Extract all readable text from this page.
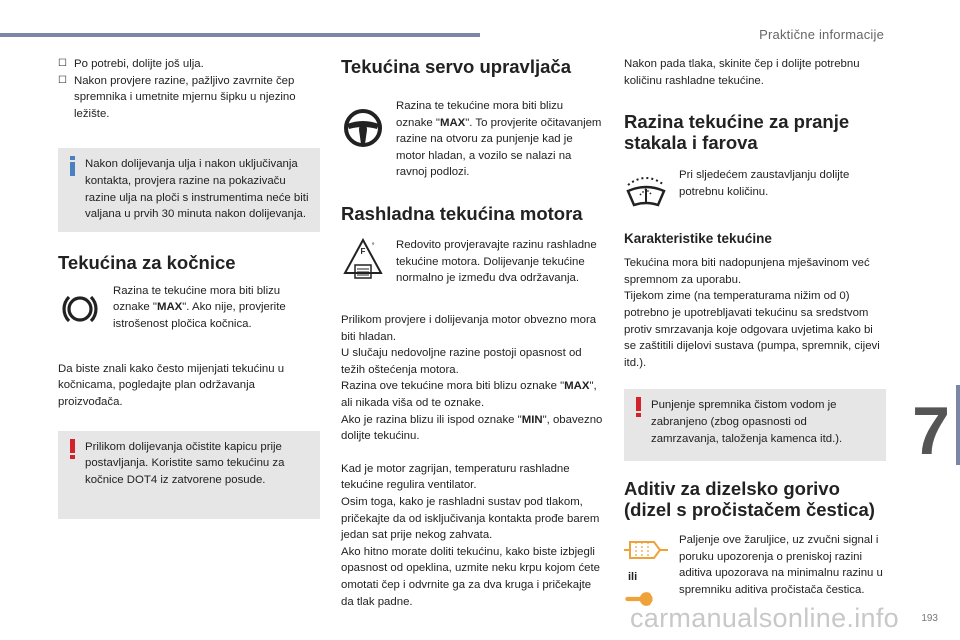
Praktične informacije
☐ Po potrebi, dolijte još ulja.
☐ Nakon provjere razine, pažljivo zavrnite čep spremnika i umetnite mjernu šipku u njezino ležište.
Nakon dolijevanja ulja i nakon uključivanja kontakta, provjera razine na pokazivaču razine ulja na ploči s instrumentima neće biti valjana u prvih 30 minuta nakon dolijevanja.
Tekućina za kočnice

Razina te tekućine mora biti blizu oznake "MAX". Ako nije, provjerite istrošenost pločica kočnica.

Da biste znali kako često mijenjati tekućinu u kočnicama, pogledajte plan održavanja proizvođača.

Prilikom dolijevanja očistite kapicu prije postavljanja. Koristite samo tekućinu za kočnice DOT4 iz zatvorene posude.
Tekućina servo upravljača

Razina te tekućine mora biti blizu oznake "MAX". To provjerite očitavanjem razine na otvoru za punjenje kad je motor hladan, a vozilo se nalazi na ravnoj podlozi.

Rashladna tekućina motora
F
° Redovito provjeravajte razinu rashladne tekućine motora. Dolijevanje tekućine normalno je između dva održavanja.

Prilikom provjere i dolijevanja motor obvezno mora biti hladan.
U slučaju nedovoljne razine postoji opasnost od težih oštećenja motora.
Razina ove tekućine mora biti blizu oznake "MAX", ali nikada viša od te oznake.
Ako je razina blizu ili ispod oznake "MIN", obavezno dolijte tekućinu.

Kad je motor zagrijan, temperaturu rashladne tekućine regulira ventilator.
Osim toga, kako je rashladni sustav pod tlakom, pričekajte da od isključivanja kontakta prođe barem jedan sat prije nekog zahvata.
Ako hitno morate doliti tekućinu, kako biste izbjegli opasnost od opeklina, uzmite neku krpu kojom ćete omotati čep i odvrnite ga za dva kruga i pričekajte da tlak padne.

Nakon pada tlaka, skinite čep i dolijte potrebnu količinu rashladne tekućine.

Razina tekućine za pranje
stakala i farova

Pri sljedećem zaustavljanju dolijte potrebnu količinu.

Karakteristike tekućine

Tekućina mora biti nadopunjena mješavinom već spremnom za uporabu.
Tijekom zime (na temperaturama nižim od 0) potrebno je upotrebljavati tekućinu sa sredstvom protiv smrzavanja koje odgovara uvjetima kako bi se zaštitili dijelovi sustava (pumpa, spremnik, cijevi itd.).

Punjenje spremnika čistom vodom je zabranjeno (zbog opasnosti od zamrzavanja, taloženja kamenca itd.).
Aditiv za dizelsko gorivo
(dizel s pročistačem čestica)
ili

Paljenje ove žaruljice, uz zvučni signal i poruku upozorenja o preniskoj razini aditiva upozorava na minimalnu razinu u spremniku aditiva pročistača čestica.

7
carmanualsonline.info 193
